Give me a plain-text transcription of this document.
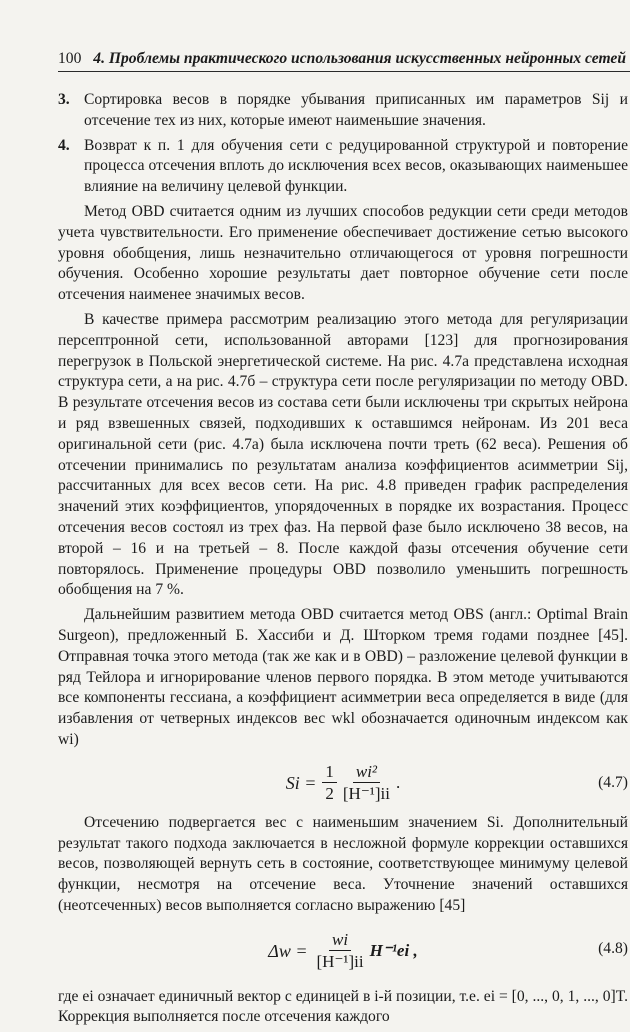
100 4. Проблемы практического использования искусственных нейронных сетей
3. Сортировка весов в порядке убывания приписанных им параметров Sij и отсечение тех из них, которые имеют наименьшие значения.
4. Возврат к п. 1 для обучения сети с редуцированной структурой и повторение процесса отсечения вплоть до исключения всех весов, оказывающих наименьшее влияние на величину целевой функции.

Метод OBD считается одним из лучших способов редукции сети среди методов учета чувствительности. Его применение обеспечивает достижение сетью высокого уровня обобщения, лишь незначительно отличающегося от уровня погрешности обучения. Особенно хорошие результаты дает повторное обучение сети после отсечения наименее значимых весов.

В качестве примера рассмотрим реализацию этого метода для регуляризации персептронной сети, использованной авторами [123] для прогнозирования перегрузок в Польской энергетической системе. На рис. 4.7а представлена исходная структура сети, а на рис. 4.7б – структура сети после регуляризации по методу OBD. В результате отсечения весов из состава сети были исключены три скрытых нейрона и ряд взвешенных связей, подходивших к оставшимся нейронам. Из 201 веса оригинальной сети (рис. 4.7а) была исключена почти треть (62 веса). Решения об отсечении принимались по результатам анализа коэффициентов асимметрии Sij, рассчитанных для всех весов сети. На рис. 4.8 приведен график распределения значений этих коэффициентов, упорядоченных в порядке их возрастания. Процесс отсечения весов состоял из трех фаз. На первой фазе было исключено 38 весов, на второй – 16 и на третьей – 8. После каждой фазы отсечения обучение сети повторялось. Применение процедуры OBD позволило уменьшить погрешность обобщения на 7 %.

Дальнейшим развитием метода OBD считается метод OBS (англ.: Optimal Brain Surgeon), предложенный Б. Хассиби и Д. Шторком тремя годами позднее [45]. Отправная точка этого метода (так же как и в OBD) – разложение целевой функции в ряд Тейлора и игнорирование членов первого порядка. В этом методе учитываются все компоненты гессиана, а коэффициент асимметрии веса определяется в виде (для избавления от четверных индексов вес wkl обозначается одиночным индексом как wi)

$Si = \frac{1}{2} \frac{\text{wi²}}{\text{[H⁻¹]ii}}$ .	(4.7)

Отсечению подвергается вес с наименьшим значением Si. Дополнительный результат такого подхода заключается в несложной формуле коррекции оставшихся весов, позволяющей вернуть сеть в состояние, соответствующее минимуму целевой функции, несмотря на отсечение веса. Уточнение значений оставшихся (неотсеченных) весов выполняется согласно выражению [45]

$\Delta w = \frac{wi}{\text{[H⁻¹]ii}} H^{-1}ei$ ,	(4.8)

где ei означает единичный вектор с единицей в i-й позиции, т.е. ei = [0, ..., 0, 1, ..., 0]T. Коррекция выполняется после отсечения каждого
